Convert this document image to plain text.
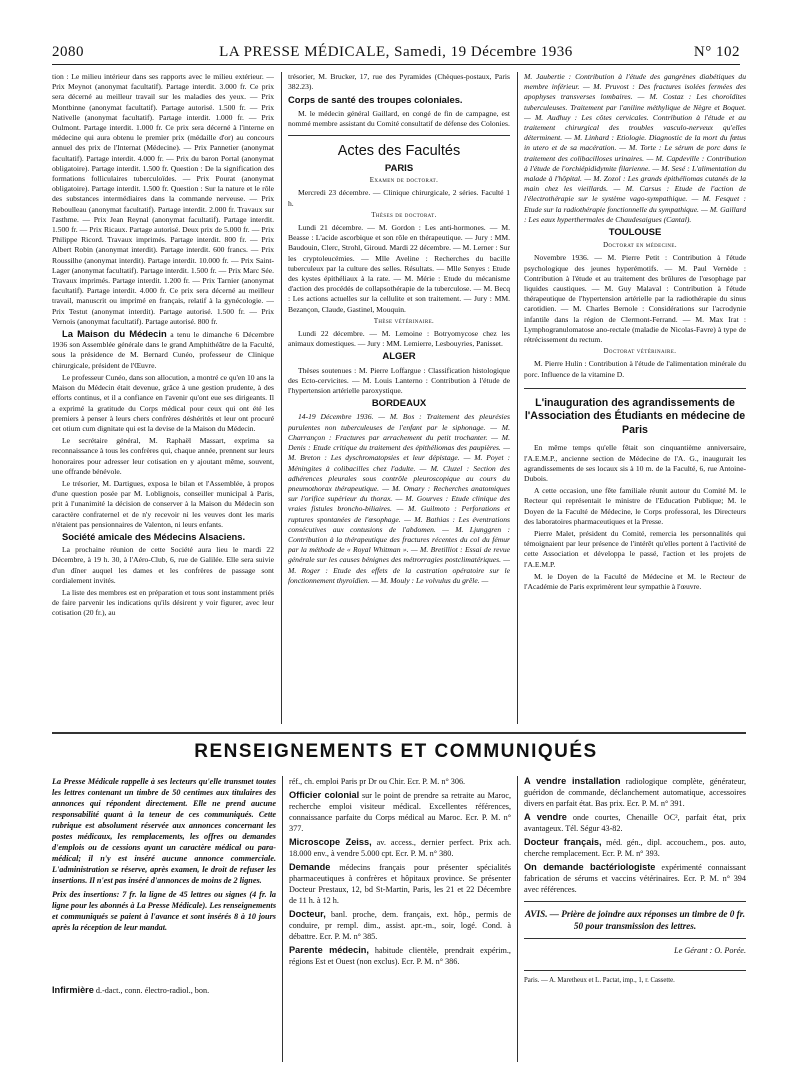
2080	LA PRESSE MÉDICALE, Samedi, 19 Décembre 1936	N° 102

tion : Le milieu intérieur dans ses rapports avec le milieu extérieur. — Prix Meynot (anonymat facultatif). Partage interdit. 3.000 fr. Ce prix sera décerné au meilleur travail sur les maladies des yeux. — Prix Montbinne (anonymat facultatif). Partage autorisé. 1.500 fr. — Prix Nativelle (anonymat facultatif). Partage interdit. 1.000 fr. — Prix Oulmont. Partage interdit. 1.000 fr. Ce prix sera décerné à l'interne en médecine qui aura obtenu le premier prix (médaille d'or) au concours annuel des prix de l'Internat (Médecine). — Prix Pannetier (anonymat facultatif). Partage interdit. 4.000 fr. — Prix du baron Portal (anonymat obligatoire). Partage interdit. 1.500 fr. Question : De la signification des formations folliculaires tuberculoïdes. — Prix Pourat (anonymat obligatoire). Partage interdit. 1.500 fr. Question : Sur la nature et le rôle des substances intermédiaires dans la commande nerveuse. — Prix Reboulleau (anonymat facultatif). Partage interdit. 2.000 fr. Travaux sur l'asthme. — Prix Jean Reynal (anonymat facultatif). Partage interdit. 1.500 fr. — Prix Ricaux. Partage autorisé. Deux prix de 5.000 fr. — Prix Philippe Ricord. Travaux imprimés. Partage interdit. 800 fr. — Prix Albert Robin (anonymat interdit). Partage interdit. 600 francs. — Prix Roussilhe (anonymat interdit). Partage interdit. 10.000 fr. — Prix Saint-Lager (anonymat facultatif). Partage interdit. 1.500 fr. — Prix Marc Sée. Travaux imprimés. Partage interdit. 1.200 fr. — Prix Tarnier (anonymat facultatif). Partage interdit. 4.000 fr. Ce prix sera décerné au meilleur travail, manuscrit ou imprimé en français, relatif à la gynécologie. — Prix Testut (anonymat interdit). Partage autorisé. 1.500 fr. — Prix Vernois (anonymat facultatif). Partage autorisé. 800 fr.

La Maison du Médecin a tenu le dimanche 6 Décembre 1936 son Assemblée générale dans le grand Amphithéâtre de la Faculté, sous la présidence de M. Bernard Cunéo, professeur de Clinique chirurgicale, président de l'Œuvre.

Le professeur Cunéo, dans son allocution, a montré ce qu'en 10 ans la Maison du Médecin était devenue, grâce à une gestion prudente, à des efforts continus, et il a confiance en l'avenir qu'ont eue ses dirigeants. Il a exprimé la gratitude du Corps médical pour ceux qui ont été les premiers à penser à leurs chers confrères déshérités et leur ont procuré cet otium cum dignitate qui est la devise de la Maison du Médecin.

Le secrétaire général, M. Raphaël Massart, exprima sa reconnaissance à tous les confrères qui, chaque année, prennent sur leurs honoraires pour adresser leur cotisation en y ajoutant même, souvent, une offrande bénévole.

Le trésorier, M. Dartigues, exposa le bilan et l'Assemblée, à propos d'une question posée par M. Loblignois, conseiller municipal à Paris, prit à l'unanimité la décision de conserver à la Maison du Médecin son caractère confraternel et de n'y recevoir ni les veuves dont les maris n'étaient pas pensionnaires de Valenton, ni leurs enfants.

Société amicale des Médecins Alsaciens.

La prochaine réunion de cette Société aura lieu le mardi 22 Décembre, à 19 h. 30, à l'Aéro-Club, 6, rue de Galilée. Elle sera suivie d'un dîner auquel les dames et les confrères de passage sont cordialement invités.

La liste des membres est en préparation et tous sont instamment priés de faire parvenir les indications qu'ils désirent y voir figurer, avec leur cotisation (20 fr.), au

trésorier, M. Brucker, 17, rue des Pyramides (Chèques-postaux, Paris 382.23).

Corps de santé des troupes coloniales.

M. le médecin général Gaillard, en congé de fin de campagne, est nommé membre assistant du Comité consultatif de défense des Colonies.

Actes des Facultés
PARIS

Examen de doctorat.

Mercredi 23 décembre. — Clinique chirurgicale, 2 séries. Faculté 1 h.

Thèses de doctorat.

Lundi 21 décembre. — M. Gordon : Les anti-hormones. — M. Beasse : L'acide ascorbique et son rôle en thérapeutique. — Jury : MM. Baudouin, Clerc, Strohl, Giroud. Mardi 22 décembre. — M. Lerner : Sur les cryptoleucémies. — Mlle Aveline : Recherches du bacille tuberculeux par la culture des selles. Résultats. — Mlle Senyes : Etude des kystes épithéliaux à la rate. — M. Mérie : Etude du mécanisme d'action des procédés de collapsothérapie de la tuberculose. — M. Becq : Les actions actuelles sur la cellulite et son traitement. — Jury : MM. Bezançon, Claude, Gastinel, Mouquin.

Thèse vétérinaire.

Lundi 22 décembre. — M. Lemoine : Botryomycose chez les animaux domestiques. — Jury : MM. Lemierre, Lesbouyries, Panisset.

ALGER

Thèses soutenues : M. Pierre Loffargue : Classification histologique des Ecto-cervicites. — M. Louis Lanterno : Contribution à l'étude de l'hypertension artérielle paroxystique.

BORDEAUX

14-19 Décembre 1936. — M. Bos : Traitement des pleurésies purulentes non tuberculeuses de l'enfant par le siphonage. — M. Charrançon : Fractures par arrachement du petit trochanter. — M. Denis : Etude critique du traitement des épithéliomas des paupières. — M. Breton : Les dyschromatopsies et leur dépistage. — M. Poyet : Méningites à colibacilles chez l'adulte. — M. Cluzel : Section des adhérences pleurales sous contrôle pleuroscopique au cours du pneumothorax thérapeutique. — M. Omary : Recherches anatomiques sur l'orifice supérieur du thorax. — M. Gourves : Etude clinique des vraies fistules broncho-biliaires. — M. Guilmoto : Perforations et ruptures spontanées de l'œsophage. — M. Bathias : Les éventrations consécutives aux contusions de l'abdomen. — M. Ljunggren : Contribution à la thérapeutique des fractures récentes du col du fémur par la méthode de « Royal Whitman ». — M. Bretilliot : Essai de revue générale sur les causes bénignes des métrorragies postclimatériques. — M. Roger : Etude des effets de la castration opératoire sur le fonctionnement thyroïdien. — M. Mouly : Le volvulus du grêle. —

M. Jaubertie : Contribution à l'étude des gangrènes diabétiques du membre inférieur. — M. Pruvost : Des fractures isolées fermées des apophyses transverses lombaires. — M. Costaz : Les choroïdites tuberculeuses. Traitement par l'aniline méthylique de Nègre et Boquet. — M. Audhuy : Les côtes cervicales. Contribution à l'étude et au traitement chirurgical des troubles vasculo-nerveux qu'elles déterminent. — M. Linhard : Etiologie. Diagnostic de la mort du fœtus in utero et de sa macération. — M. Torte : Le sérum de porc dans le traitement des colibacilloses urinaires. — M. Capdeville : Contribution à l'étude de l'orchiépididymite filarienne. — M. Sesé : L'alimentation du malade à l'hôpital. — M. Zozol : Les grands épithéliomas cutanés de la main chez les vieillards. — M. Carsus : Etude de l'action de l'électrothérapie sur le système vago-sympathique. — M. Fesquet : Etude sur la radiothérapie fonctionnelle du sympathique. — M. Gaillard : Les eaux hyperthermales de Chaudesaigues (Cantal).

TOULOUSE

Doctorat en médecine.

Novembre 1936. — M. Pierre Petit : Contribution à l'étude psychologique des jeunes hyperémotifs. — M. Paul Vernède : Contribution à l'étude et au traitement des brûlures de l'œsophage par liquides caustiques. — M. Guy Malaval : Contribution à l'étude thérapeutique de l'hypertension artérielle par la radiothérapie du sinus carotidien. — M. Charles Bernole : Considérations sur l'acrodynie infantile dans la région de Clermont-Ferrand. — M. Max Irat : Lymphogranulomatose ano-rectale (maladie de Nicolas-Favre) à type de rétrécissement du rectum.

Doctorat vétérinaire.

M. Pierre Hulin : Contribution à l'étude de l'alimentation minérale du porc. Influence de la vitamine D.

L'inauguration des agrandissements de l'Association des Étudiants en médecine de Paris

En même temps qu'elle fêtait son cinquantième anniversaire, l'A.E.M.P., ancienne section de Médecine de l'A. G., inaugurait les agrandissements de ses locaux sis à 10 m. de la Faculté, 6, rue Antoine-Dubois.

A cette occasion, une fête familiale réunit autour du Comité M. le Recteur qui représentait le ministre de l'Education Publique; M. le Doyen de la Faculté de Médecine, le Corps professoral, les Directeurs des laboratoires pharmaceutiques et la Presse.

Pierre Malet, président du Comité, remercia les personnalités qui témoignaient par leur présence de l'intérêt qu'elles portent à l'activité de cette Association et développa le passé, l'action et les projets de l'A.E.M.P.

M. le Doyen de la Faculté de Médecine et M. le Recteur de l'Académie de Paris exprimèrent leur sympathie à l'œuvre.

RENSEIGNEMENTS ET COMMUNIQUÉS

La Presse Médicale rappelle à ses lecteurs qu'elle transmet toutes les lettres contenant un timbre de 50 centimes aux titulaires des annonces qui répondent directement. Elle ne prend aucune responsabilité quant à la teneur de ces communiqués. Cette rubrique est absolument réservée aux annonces concernant les postes médicaux, les remplacements, les offres ou demandes d'emplois ou de cessions ayant un caractère médical ou para-médical; il n'y est inséré aucune annonce commerciale. L'administration se réserve, après examen, le droit de refuser les insertions. Il n'est pas inséré d'annonces de moins de 2 lignes.

Prix des insertions: 7 fr. la ligne de 45 lettres ou signes (4 fr. la ligne pour les abonnés à La Presse Médicale). Les renseignements et communiqués se paient à l'avance et sont insérés 8 à 10 jours après la réception de leur mandat.

Infirmière d.-dact., conn. électro-radiol., bon.

réf., ch. emploi Paris pr Dr ou Chir. Ecr. P. M. n° 306.

Officier colonial sur le point de prendre sa retraite au Maroc, recherche emploi visiteur médical. Excellentes références, connaissance parfaite du Corps médical au Maroc. Ecr. P. M. n° 377.

Microscope Zeiss, av. access., dernier perfect. Prix ach. 18.000 env., à vendre 5.000 cpt. Ecr. P. M. n° 380.

Demande médecins français pour présenter spécialités pharmaceutiques à confrères et hôpitaux province. Se présenter Docteur Prestaux, 12, bd St-Martin, Paris, les 21 et 22 Décembre de 11 h. à 12 h.

Docteur, banl. proche, dem. français, ext. hôp., permis de conduire, pr rempl. dim., assist. apr.-m., soir, logé. Cond. à débattre. Ecr. P. M. n° 385.

Parente médecin, habitude clientèle, prendrait expérim., régions Est et Ouest (non exclus). Ecr. P. M. n° 386.

A vendre installation radiologique complète, générateur, guéridon de commande, déclanchement automatique, accessoires divers en parfait état. Bas prix. Ecr. P. M. n° 391.

A vendre onde courtes, Chenaille OC², parfait état, prix avantageux. Tél. Ségur 43-82.

Docteur français, méd. gén., dipl. accouchem., pos. auto, cherche remplacement. Ecr. P. M. n° 393.

On demande bactériologiste expérimenté connaissant fabrication de sérums et vaccins vétérinaires. Ecr. P. M. n° 394 avec références.

AVIS. — Prière de joindre aux réponses un timbre de 0 fr. 50 pour transmission des lettres.

Le Gérant : O. Porée.

Paris. — A. Maretheux et L. Pactat, imp., 1, r. Cassette.
